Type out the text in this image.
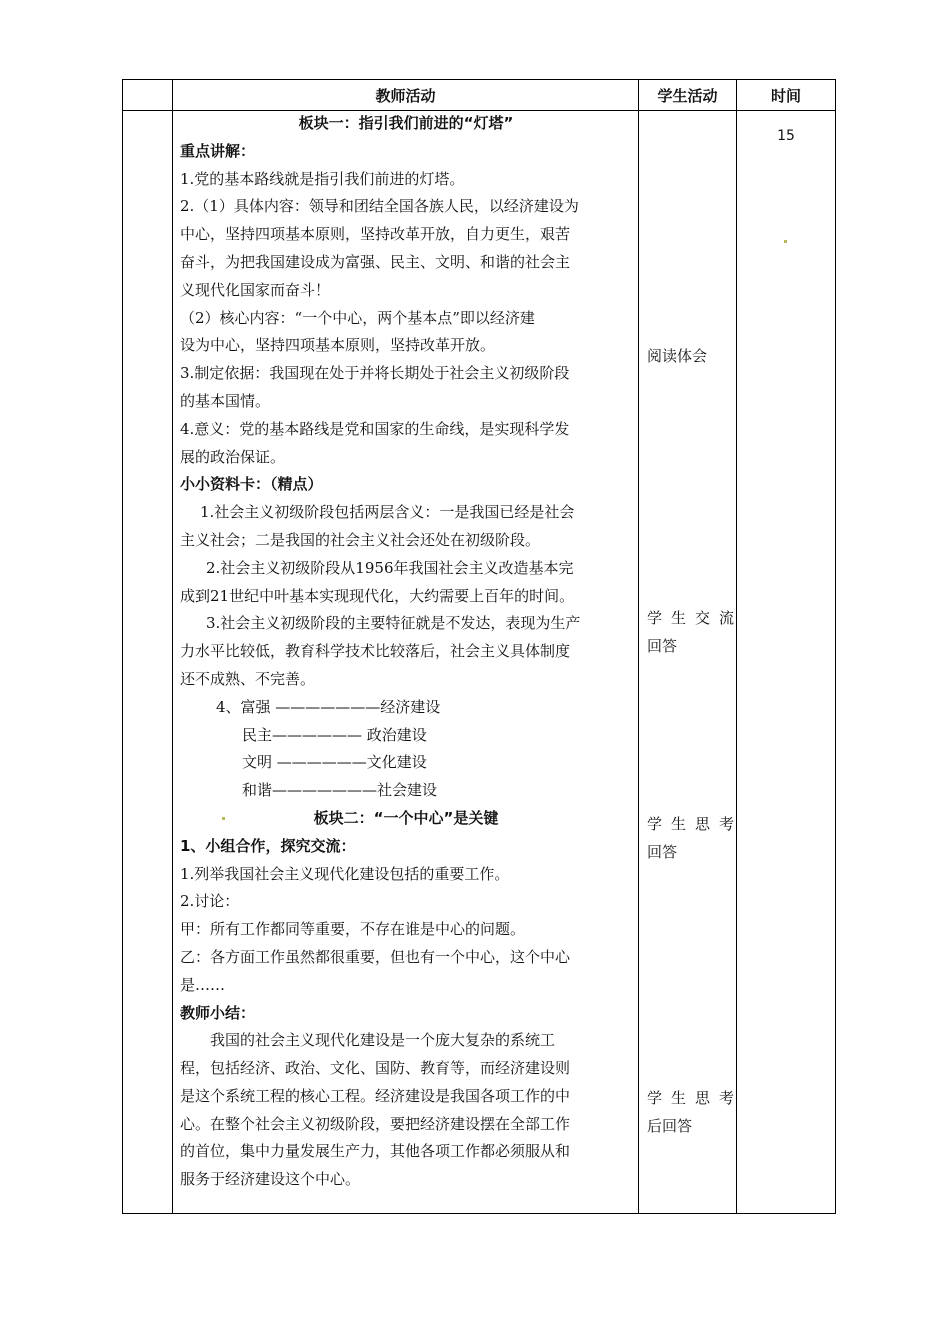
教师活动	学生活动	时间
15

板块一：指引我们前进的“灯塔”

重点讲解：

1.党的基本路线就是指引我们前进的灯塔。

2.（1）具体内容：领导和团结全国各族人民，以经济建设为

中心，坚持四项基本原则，坚持改革开放，自力更生，艰苦

奋斗，为把我国建设成为富强、民主、文明、和谐的社会主

义现代化国家而奋斗！

（2）核心内容：“一个中心，两个基本点”即以经济建

设为中心，坚持四项基本原则，坚持改革开放。

3.制定依据：我国现在处于并将长期处于社会主义初级阶段

的基本国情。

4.意义：党的基本路线是党和国家的生命线，是实现科学发

展的政治保证。

小小资料卡：（精点）

1.社会主义初级阶段包括两层含义：一是我国已经是社会

主义社会；二是我国的社会主义社会还处在初级阶段。

2.社会主义初级阶段从1956年我国社会主义改造基本完

成到21世纪中叶基本实现现代化，大约需要上百年的时间。

3.社会主义初级阶段的主要特征就是不发达，表现为生产

力水平比较低，教育科学技术比较落后，社会主义具体制度

还不成熟、不完善。

4、富强 ———————经济建设

民主—————— 政治建设

文明 ——————文化建设

和谐———————社会建设

板块二：“一个中心”是关键

1、小组合作，探究交流：

1.列举我国社会主义现代化建设包括的重要工作。

2.讨论：

甲：所有工作都同等重要，不存在谁是中心的问题。

乙：各方面工作虽然都很重要，但也有一个中心，这个中心

是……

教师小结：

我国的社会主义现代化建设是一个庞大复杂的系统工

程，包括经济、政治、文化、国防、教育等，而经济建设则

是这个系统工程的核心工程。经济建设是我国各项工作的中

心。在整个社会主义初级阶段，要把经济建设摆在全部工作

的首位，集中力量发展生产力，其他各项工作都必须服从和

服务于经济建设这个中心。

阅读体会
学生交流
回答
学生思考
回答
学生思考
后回答
